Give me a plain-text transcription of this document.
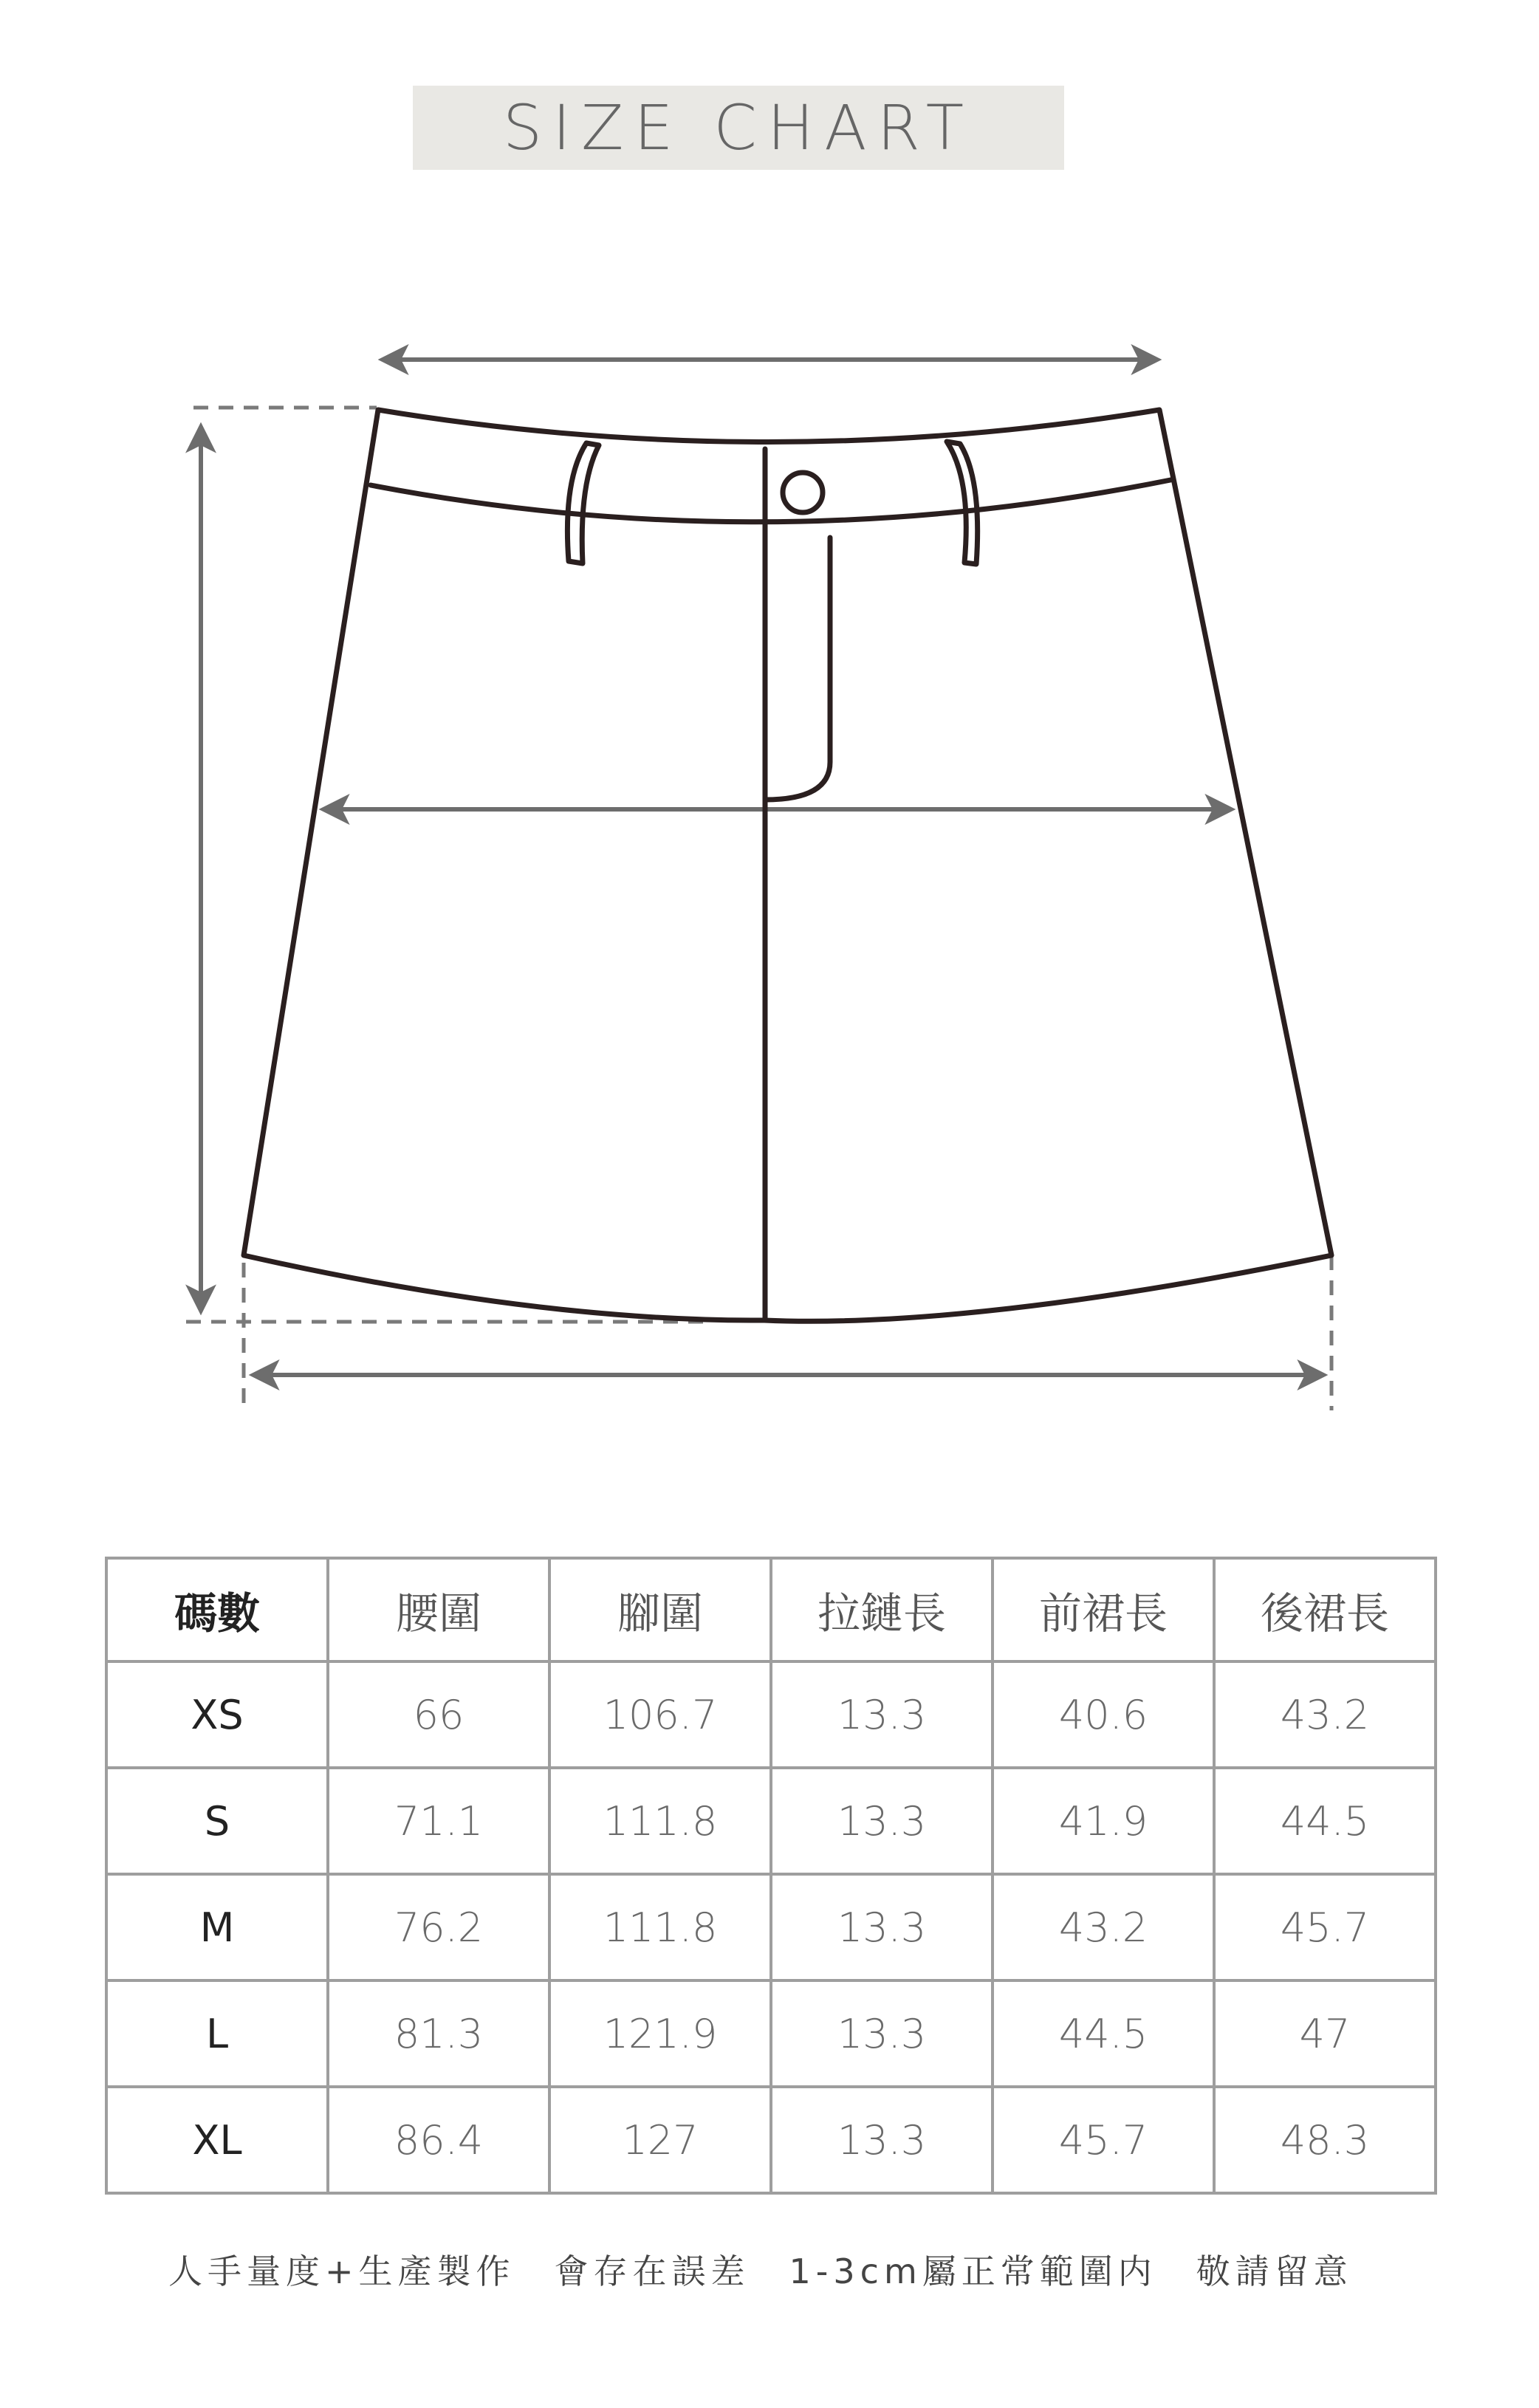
SIZE CHART
碼數	腰圍	腳圍	拉鏈長	前裙長	後裙長
XS	66	106.7	13.3	40.6	43.2
S	71.1	111.8	13.3	41.9	44.5
M	76.2	111.8	13.3	43.2	45.7
L	81.3	121.9	13.3	44.5	47
XL	86.4	127	13.3	45.7	48.3
人手量度+生產製作　會存在誤差　1-3cm屬正常範圍内　敬請留意
